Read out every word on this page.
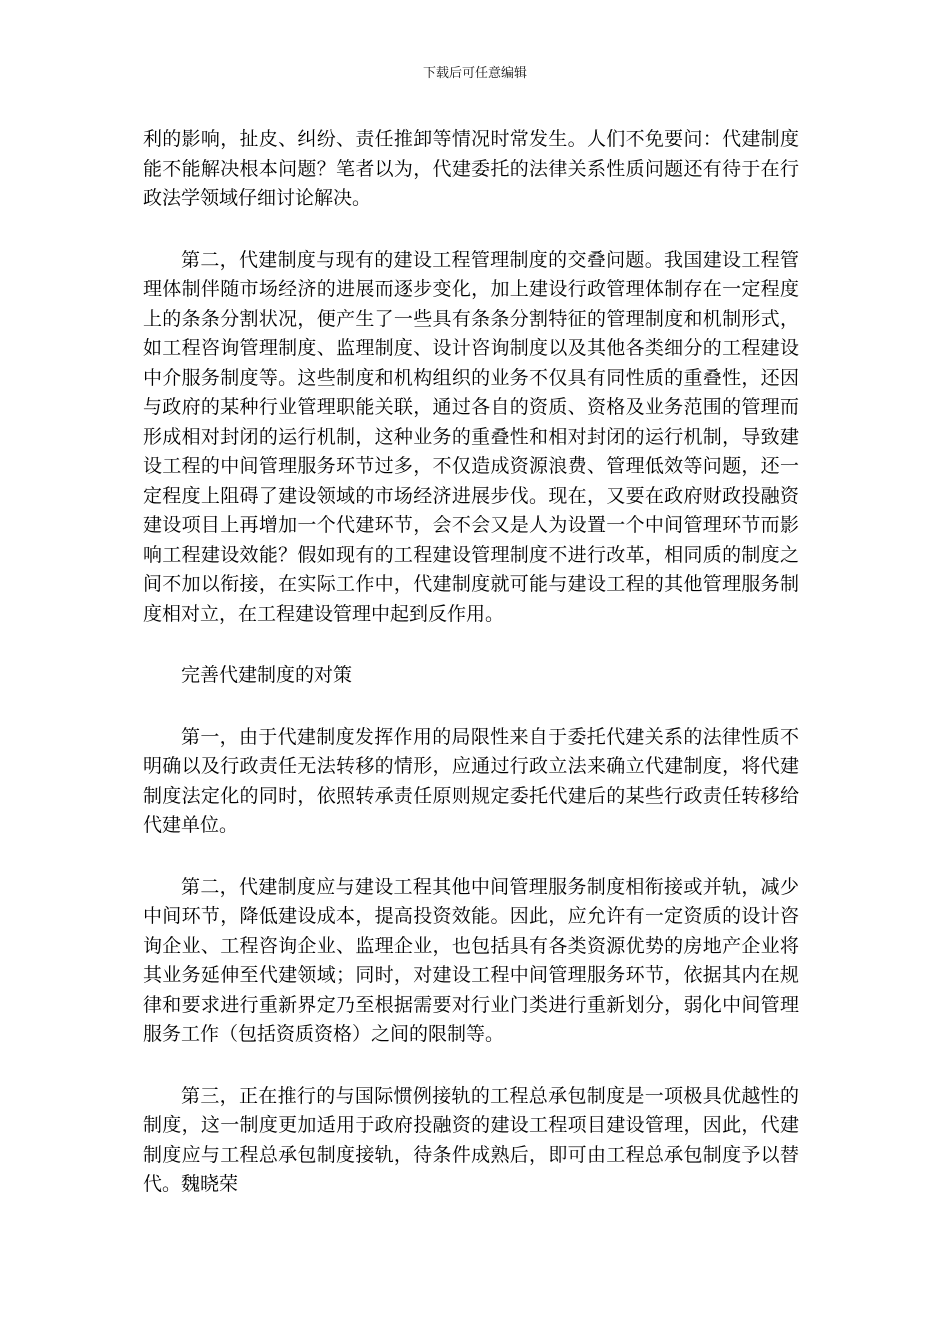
下载后可任意编辑

利的影响，扯皮、纠纷、责任推卸等情况时常发生。人们不免要问：代建制度能不能解决根本问题？笔者以为，代建委托的法律关系性质问题还有待于在行政法学领域仔细讨论解决。

第二，代建制度与现有的建设工程管理制度的交叠问题。我国建设工程管理体制伴随市场经济的进展而逐步变化，加上建设行政管理体制存在一定程度上的条条分割状况，便产生了一些具有条条分割特征的管理制度和机制形式，如工程咨询管理制度、监理制度、设计咨询制度以及其他各类细分的工程建设中介服务制度等。这些制度和机构组织的业务不仅具有同性质的重叠性，还因与政府的某种行业管理职能关联，通过各自的资质、资格及业务范围的管理而形成相对封闭的运行机制，这种业务的重叠性和相对封闭的运行机制，导致建设工程的中间管理服务环节过多，不仅造成资源浪费、管理低效等问题，还一定程度上阻碍了建设领域的市场经济进展步伐。现在，又要在政府财政投融资建设项目上再增加一个代建环节，会不会又是人为设置一个中间管理环节而影响工程建设效能？假如现有的工程建设管理制度不进行改革，相同质的制度之间不加以衔接，在实际工作中，代建制度就可能与建设工程的其他管理服务制度相对立，在工程建设管理中起到反作用。

完善代建制度的对策

第一，由于代建制度发挥作用的局限性来自于委托代建关系的法律性质不明确以及行政责任无法转移的情形，应通过行政立法来确立代建制度，将代建制度法定化的同时，依照转承责任原则规定委托代建后的某些行政责任转移给代建单位。

第二，代建制度应与建设工程其他中间管理服务制度相衔接或并轨，减少中间环节，降低建设成本，提高投资效能。因此，应允许有一定资质的设计咨询企业、工程咨询企业、监理企业，也包括具有各类资源优势的房地产企业将其业务延伸至代建领域；同时，对建设工程中间管理服务环节，依据其内在规律和要求进行重新界定乃至根据需要对行业门类进行重新划分，弱化中间管理服务工作（包括资质资格）之间的限制等。

第三，正在推行的与国际惯例接轨的工程总承包制度是一项极具优越性的制度，这一制度更加适用于政府投融资的建设工程项目建设管理，因此，代建制度应与工程总承包制度接轨，待条件成熟后，即可由工程总承包制度予以替代。魏晓荣
